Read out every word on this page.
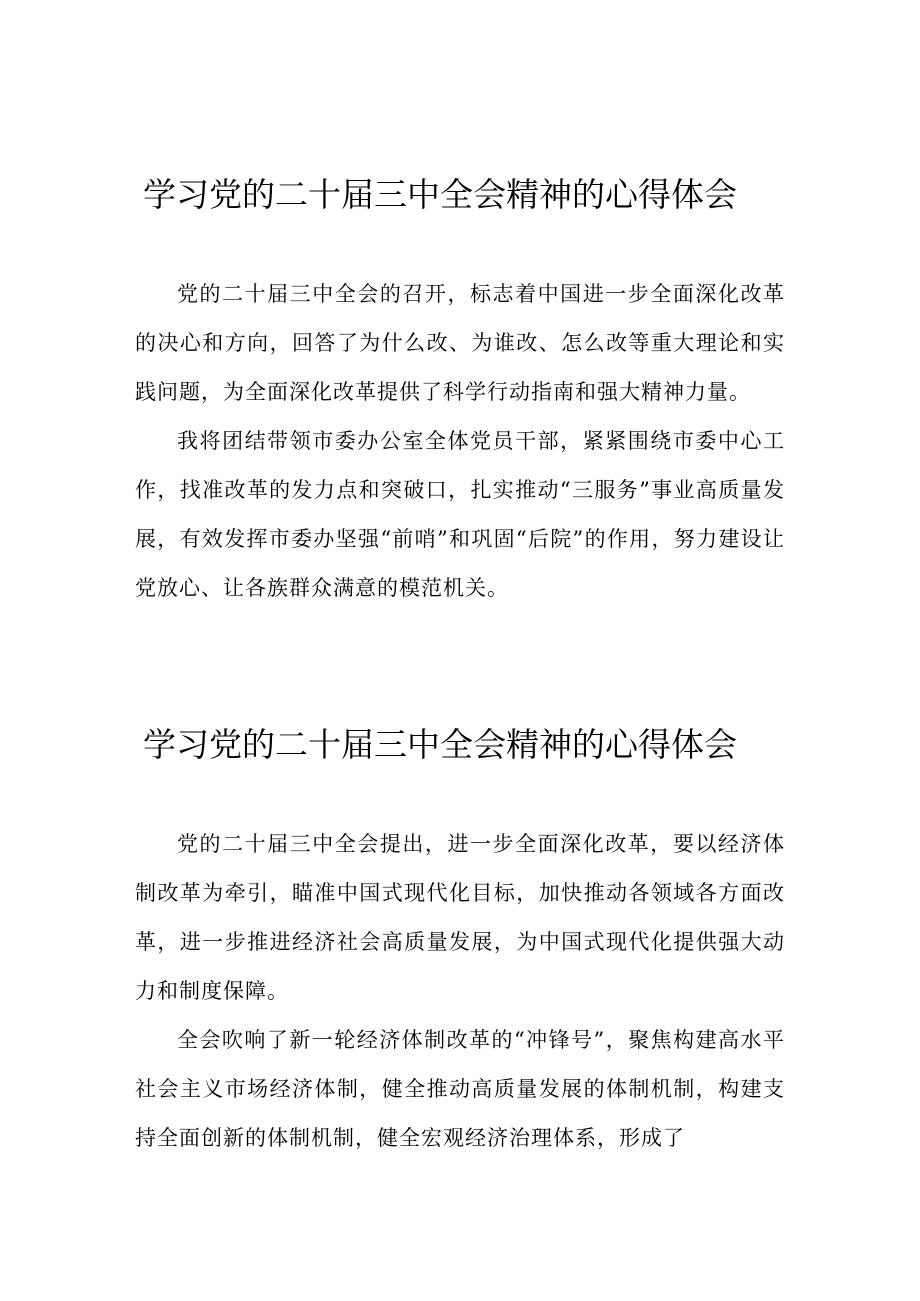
学习党的二十届三中全会精神的心得体会

党的二十届三中全会的召开，标志着中国进一步全面深化改革的决心和方向，回答了为什么改、为谁改、怎么改等重大理论和实践问题，为全面深化改革提供了科学行动指南和强大精神力量。

我将团结带领市委办公室全体党员干部，紧紧围绕市委中心工作，找准改革的发力点和突破口，扎实推动“三服务”事业高质量发展，有效发挥市委办坚强“前哨”和巩固“后院”的作用，努力建设让党放心、让各族群众满意的模范机关。

学习党的二十届三中全会精神的心得体会

党的二十届三中全会提出，进一步全面深化改革，要以经济体制改革为牵引，瞄准中国式现代化目标，加快推动各领域各方面改革，进一步推进经济社会高质量发展，为中国式现代化提供强大动力和制度保障。

全会吹响了新一轮经济体制改革的“冲锋号”，聚焦构建高水平社会主义市场经济体制，健全推动高质量发展的体制机制，构建支持全面创新的体制机制，健全宏观经济治理体系，形成了
